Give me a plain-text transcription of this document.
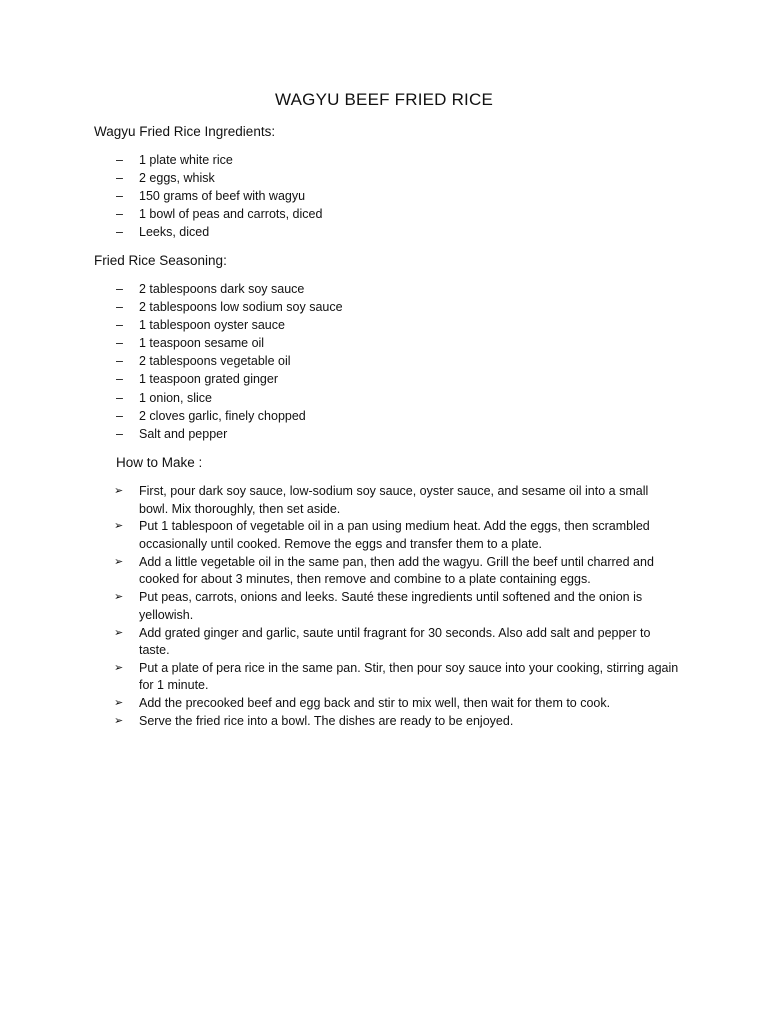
WAGYU BEEF FRIED RICE
Wagyu Fried Rice Ingredients:
– 1 plate white rice
– 2 eggs, whisk
– 150 grams of beef with wagyu
– 1 bowl of peas and carrots, diced
– Leeks, diced
Fried Rice Seasoning:
– 2 tablespoons dark soy sauce
– 2 tablespoons low sodium soy sauce
– 1 tablespoon oyster sauce
– 1 teaspoon sesame oil
– 2 tablespoons vegetable oil
– 1 teaspoon grated ginger
– 1 onion, slice
– 2 cloves garlic, finely chopped
– Salt and pepper
How to Make :
➢ First, pour dark soy sauce, low-sodium soy sauce, oyster sauce, and sesame oil into a small bowl. Mix thoroughly, then set aside.
➢ Put 1 tablespoon of vegetable oil in a pan using medium heat. Add the eggs, then scrambled occasionally until cooked. Remove the eggs and transfer them to a plate.
➢ Add a little vegetable oil in the same pan, then add the wagyu. Grill the beef until charred and cooked for about 3 minutes, then remove and combine to a plate containing eggs.
➢ Put peas, carrots, onions and leeks. Sauté these ingredients until softened and the onion is yellowish.
➢ Add grated ginger and garlic, saute until fragrant for 30 seconds. Also add salt and pepper to taste.
➢ Put a plate of pera rice in the same pan. Stir, then pour soy sauce into your cooking, stirring again for 1 minute.
➢ Add the precooked beef and egg back and stir to mix well, then wait for them to cook.
➢ Serve the fried rice into a bowl. The dishes are ready to be enjoyed.
